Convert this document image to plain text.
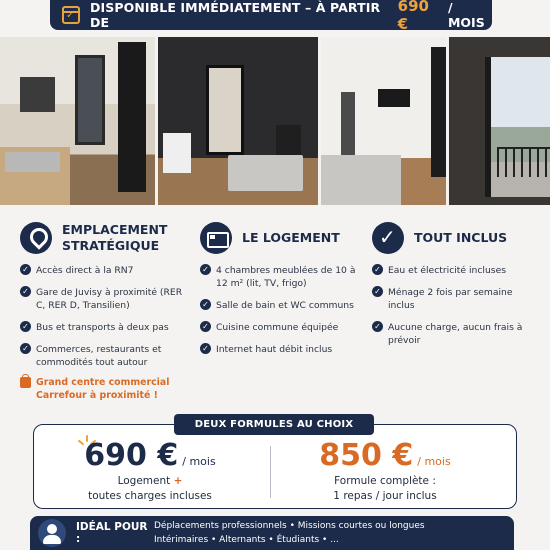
✓
DISPONIBLE IMMÉDIATEMENT – À PARTIR DE
690 €
/ MOIS
EMPLACEMENT
STRATÉGIQUE
✓ Accès direct à la RN7
✓ Gare de Juvisy à proximité (RER C, RER D, Transilien)
✓ Bus et transports à deux pas
✓ Commerces, restaurants et commodités tout autour
Grand centre commercial Carrefour à proximité !
LE LOGEMENT
✓ 4 chambres meublées de 10 à 12 m² (lit, TV, frigo)
✓ Salle de bain et WC communs
✓ Cuisine commune équipée
✓ Internet haut débit inclus
✓
TOUT INCLUS
✓ Eau et électricité incluses
✓ Ménage 2 fois par semaine inclus
✓ Aucune charge, aucun frais à prévoir
DEUX FORMULES AU CHOIX
690 € / mois
Logement +
toutes charges incluses
850 € / mois
Formule complète :
1 repas / jour inclus
IDÉAL POUR :
Déplacements professionnels • Missions courtes ou longues
Intérimaires • Alternants • Étudiants • ...
